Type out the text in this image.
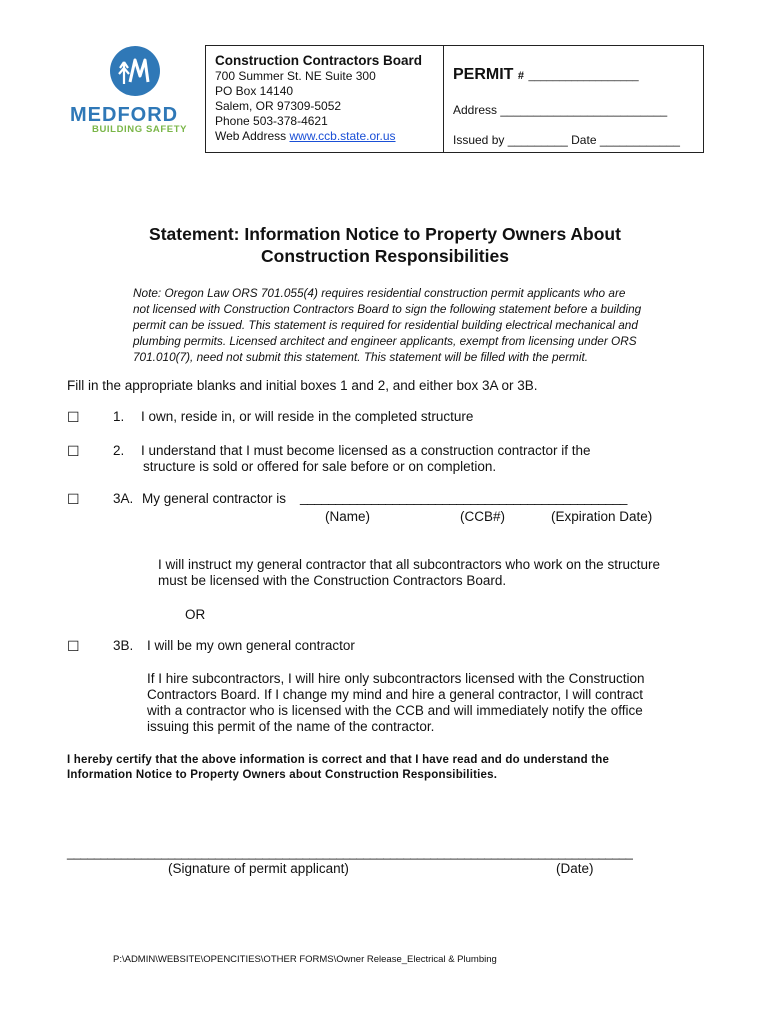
MEDFORD
BUILDING SAFETY
Construction Contractors Board
700 Summer St. NE Suite 300
PO Box 14140
Salem, OR 97309-5052
Phone 503-378-4621
Web Address www.ccb.state.or.us
PERMIT # __________________
Address _________________________
Issued by _________ Date ____________
Statement: Information Notice to Property Owners About
Construction Responsibilities
Note: Oregon Law ORS 701.055(4) requires residential construction permit applicants who are
not licensed with Construction Contractors Board to sign the following statement before a building
permit can be issued. This statement is required for residential building electrical mechanical and
plumbing permits. Licensed architect and engineer applicants, exempt from licensing under ORS
701.010(7), need not submit this statement. This statement will be filled with the permit.
Fill in the appropriate blanks and initial boxes 1 and 2, and either box 3A or 3B.
☐ 1. I own, reside in, or will reside in the completed structure
☐ 2. I understand that I must become licensed as a construction contractor if the
structure is sold or offered for sale before or on completion.
☐ 3A. My general contractor is ______________________________________________
(Name)	(CCB#)	(Expiration Date)
I will instruct my general contractor that all subcontractors who work on the structure
must be licensed with the Construction Contractors Board.
OR
☐ 3B. I will be my own general contractor
If I hire subcontractors, I will hire only subcontractors licensed with the Construction
Contractors Board. If I change my mind and hire a general contractor, I will contract
with a contractor who is licensed with the CCB and will immediately notify the office
issuing this permit of the name of the contractor.
I hereby certify that the above information is correct and that I have read and do understand the
Information Notice to Property Owners about Construction Responsibilities.
____________________________________________________________________________________
(Signature of permit applicant)	(Date)
P:\ADMIN\WEBSITE\OPENCITIES\OTHER FORMS\Owner Release_Electrical & Plumbing
